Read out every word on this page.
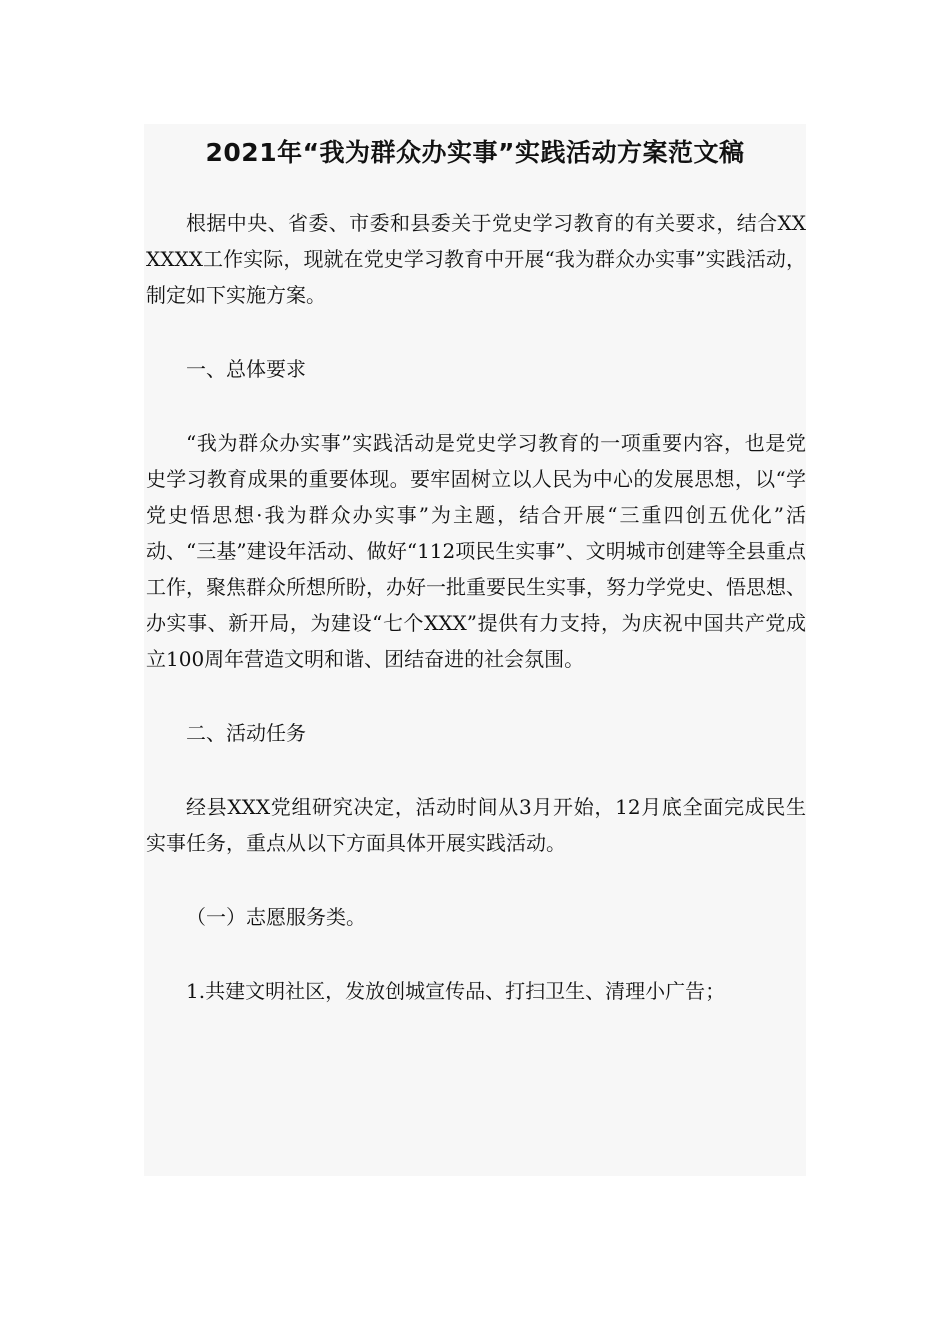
2021年“我为群众办实事”实践活动方案范文稿

根据中央、省委、市委和县委关于党史学习教育的有关要求，结合XXXXXX工作实际，现就在党史学习教育中开展“我为群众办实事”实践活动，制定如下实施方案。

一、总体要求

“我为群众办实事”实践活动是党史学习教育的一项重要内容，也是党史学习教育成果的重要体现。要牢固树立以人民为中心的发展思想，以“学党史悟思想·我为群众办实事”为主题，结合开展“三重四创五优化”活动、“三基”建设年活动、做好“112项民生实事”、文明城市创建等全县重点工作，聚焦群众所想所盼，办好一批重要民生实事，努力学党史、悟思想、办实事、新开局，为建设“七个XXX”提供有力支持，为庆祝中国共产党成立100周年营造文明和谐、团结奋进的社会氛围。

二、活动任务

经县XXX党组研究决定，活动时间从3月开始，12月底全面完成民生实事任务，重点从以下方面具体开展实践活动。

（一）志愿服务类。

1.共建文明社区，发放创城宣传品、打扫卫生、清理小广告；
